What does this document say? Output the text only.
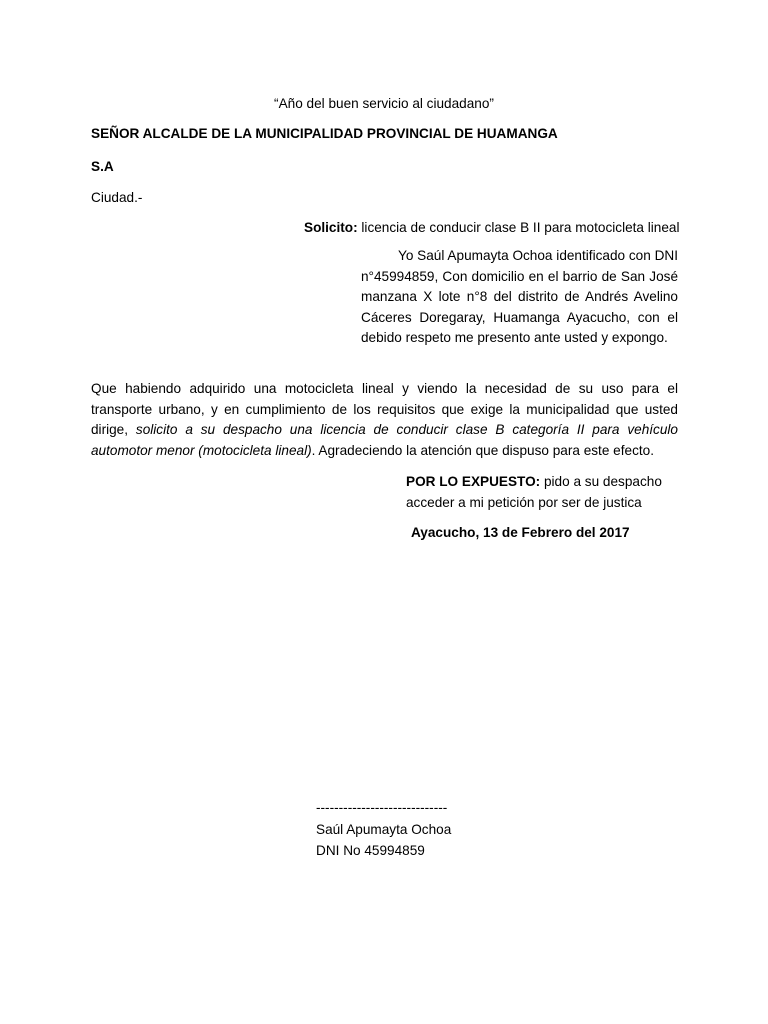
“Año del buen servicio al ciudadano”
SEÑOR ALCALDE DE LA MUNICIPALIDAD PROVINCIAL DE HUAMANGA
S.A
Ciudad.-
Solicito: licencia de conducir clase B II para motocicleta lineal
Yo Saúl Apumayta Ochoa identificado con DNI n°45994859, Con domicilio en el barrio de San José manzana X lote n°8 del distrito de Andrés Avelino Cáceres Doregaray, Huamanga Ayacucho, con el debido respeto me presento ante usted y expongo.
Que habiendo adquirido una motocicleta lineal y viendo la necesidad de su uso para el transporte urbano, y en cumplimiento de los requisitos que exige la municipalidad que usted dirige, solicito a su despacho una licencia de conducir clase B categoría II para vehículo automotor menor (motocicleta lineal). Agradeciendo la atención que dispuso para este efecto.
POR LO EXPUESTO: pido a su despacho acceder a mi petición por ser de justica
Ayacucho, 13 de Febrero del 2017
-----------------------------
Saúl Apumayta Ochoa
DNI No 45994859
